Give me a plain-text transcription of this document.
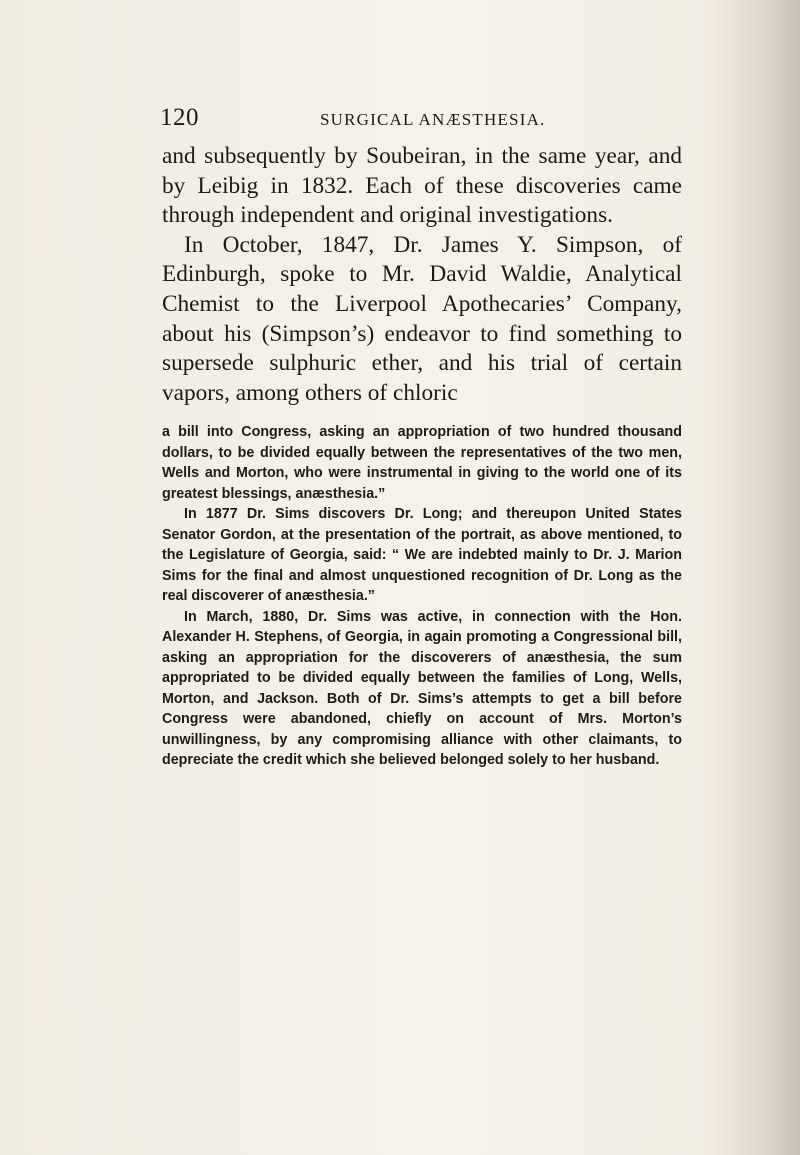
120	SURGICAL ANÆSTHESIA.

and subsequently by Soubeiran, in the same year, and by Leibig in 1832. Each of these discoveries came through independent and original investigations.

In October, 1847, Dr. James Y. Simpson, of Edinburgh, spoke to Mr. David Waldie, Analytical Chemist to the Liverpool Apothecaries’ Company, about his (Simpson’s) endeavor to find something to supersede sulphuric ether, and his trial of certain vapors, among others of chloric

a bill into Congress, asking an appropriation of two hundred thousand dollars, to be divided equally between the representatives of the two men, Wells and Morton, who were instrumental in giving to the world one of its greatest blessings, anæsthesia.”

In 1877 Dr. Sims discovers Dr. Long; and thereupon United States Senator Gordon, at the presentation of the portrait, as above mentioned, to the Legislature of Georgia, said: “ We are indebted mainly to Dr. J. Marion Sims for the final and almost unquestioned recognition of Dr. Long as the real discoverer of anæsthesia.”

In March, 1880, Dr. Sims was active, in connection with the Hon. Alexander H. Stephens, of Georgia, in again promoting a Congressional bill, asking an appropriation for the discoverers of anæsthesia, the sum appropriated to be divided equally between the families of Long, Wells, Morton, and Jackson. Both of Dr. Sims’s attempts to get a bill before Congress were abandoned, chiefly on account of Mrs. Morton’s unwillingness, by any compromising alliance with other claimants, to depreciate the credit which she believed belonged solely to her husband.
